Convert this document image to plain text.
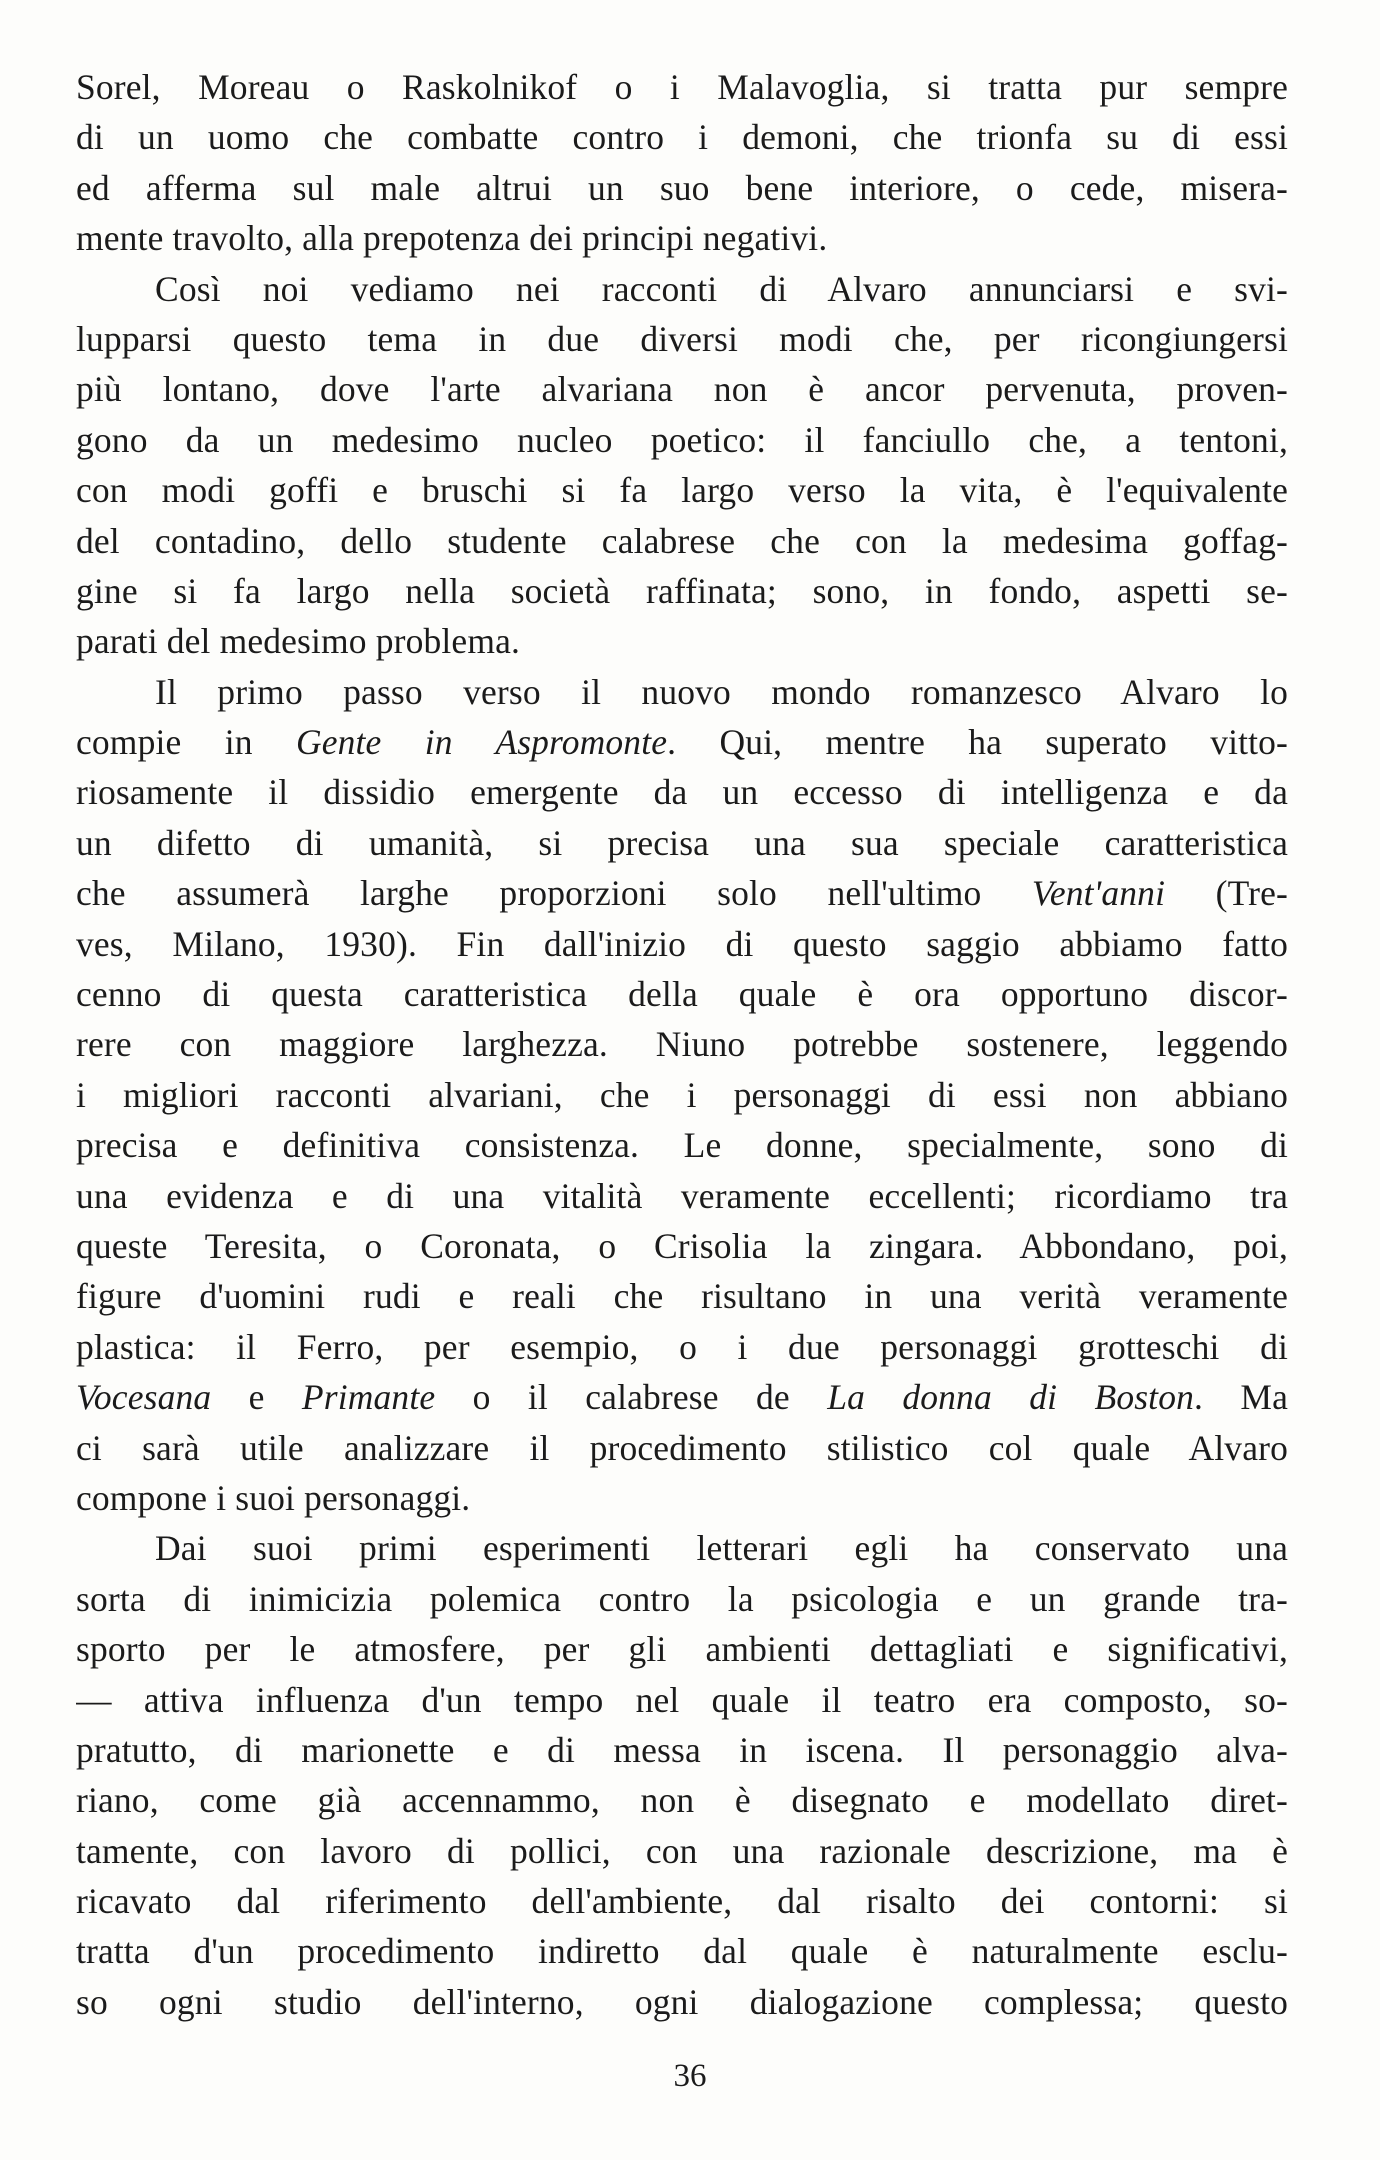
Sorel, Moreau o Raskolnikof o i Malavoglia, si tratta pur sempre
di un uomo che combatte contro i demoni, che trionfa su di essi
ed afferma sul male altrui un suo bene interiore, o cede, misera-
mente travolto, alla prepotenza dei principi negativi.
Così noi vediamo nei racconti di Alvaro annunciarsi e svi-
lupparsi questo tema in due diversi modi che, per ricongiungersi
più lontano, dove l'arte alvariana non è ancor pervenuta, proven-
gono da un medesimo nucleo poetico: il fanciullo che, a tentoni,
con modi goffi e bruschi si fa largo verso la vita, è l'equivalente
del contadino, dello studente calabrese che con la medesima goffag-
gine si fa largo nella società raffinata; sono, in fondo, aspetti se-
parati del medesimo problema.
Il primo passo verso il nuovo mondo romanzesco Alvaro lo
compie in Gente in Aspromonte. Qui, mentre ha superato vitto-
riosamente il dissidio emergente da un eccesso di intelligenza e da
un difetto di umanità, si precisa una sua speciale caratteristica
che assumerà larghe proporzioni solo nell'ultimo Vent'anni (Tre-
ves, Milano, 1930). Fin dall'inizio di questo saggio abbiamo fatto
cenno di questa caratteristica della quale è ora opportuno discor-
rere con maggiore larghezza. Niuno potrebbe sostenere, leggendo
i migliori racconti alvariani, che i personaggi di essi non abbiano
precisa e definitiva consistenza. Le donne, specialmente, sono di
una evidenza e di una vitalità veramente eccellenti; ricordiamo tra
queste Teresita, o Coronata, o Crisolia la zingara. Abbondano, poi,
figure d'uomini rudi e reali che risultano in una verità veramente
plastica: il Ferro, per esempio, o i due personaggi grotteschi di
Vocesana e Primante o il calabrese de La donna di Boston. Ma
ci sarà utile analizzare il procedimento stilistico col quale Alvaro
compone i suoi personaggi.
Dai suoi primi esperimenti letterari egli ha conservato una
sorta di inimicizia polemica contro la psicologia e un grande tra-
sporto per le atmosfere, per gli ambienti dettagliati e significativi,
— attiva influenza d'un tempo nel quale il teatro era composto, so-
pratutto, di marionette e di messa in iscena. Il personaggio alva-
riano, come già accennammo, non è disegnato e modellato diret-
tamente, con lavoro di pollici, con una razionale descrizione, ma è
ricavato dal riferimento dell'ambiente, dal risalto dei contorni: si
tratta d'un procedimento indiretto dal quale è naturalmente esclu-
so ogni studio dell'interno, ogni dialogazione complessa; questo
36
